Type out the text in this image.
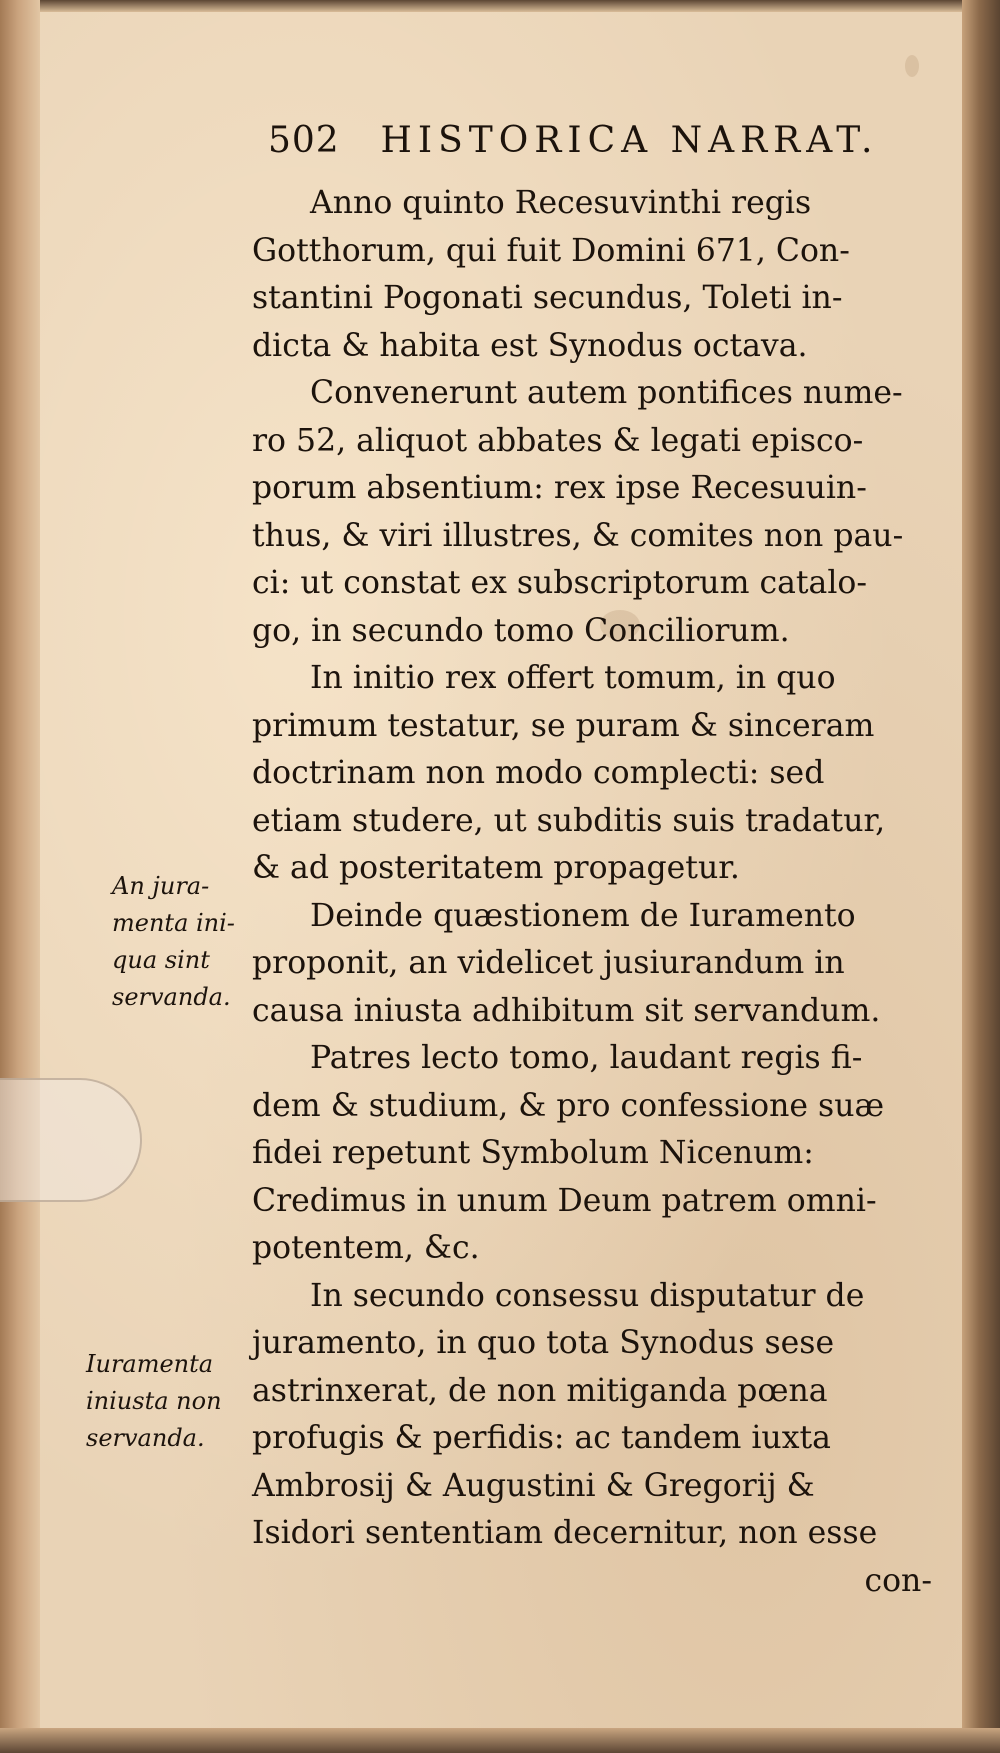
502 HISTORICA NARRAT.
Anno quinto Recesuvinthi regis
Gotthorum, qui fuit Domini 671, Con-
stantini Pogonati secundus, Toleti in-
dicta & habita est Synodus octava.
Convenerunt autem pontifices nume-
ro 52, aliquot abbates & legati episco-
porum absentium: rex ipse Recesuuin-
thus, & viri illustres, & comites non pau-
ci: ut constat ex subscriptorum catalo-
go, in secundo tomo Conciliorum.
In initio rex offert tomum, in quo
primum testatur, se puram & sinceram
doctrinam non modo complecti: sed
etiam studere, ut subditis suis tradatur,
& ad posteritatem propagetur.
Deinde quæstionem de Iuramento
proponit, an videlicet jusiurandum in
causa iniusta adhibitum sit servandum.
Patres lecto tomo, laudant regis fi-
dem & studium, & pro confessione suæ
fidei repetunt Symbolum Nicenum:
Credimus in unum Deum patrem omni-
potentem, &c.
In secundo consessu disputatur de
juramento, in quo tota Synodus sese
astrinxerat, de non mitiganda pœna
profugis & perfidis: ac tandem iuxta
Ambrosij & Augustini & Gregorij &
Isidori sententiam decernitur, non esse
con-
An jura-
menta ini-
qua sint
servanda.
Iuramenta
iniusta non
servanda.
